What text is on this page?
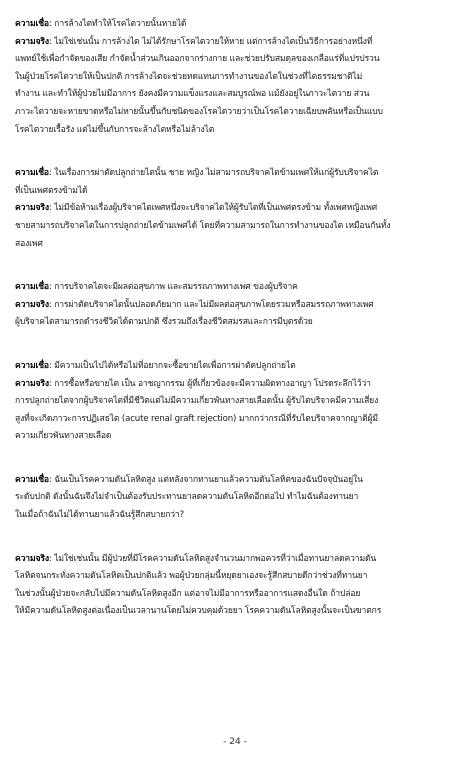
ความเชื่อ: การล้างไตทำให้โรคไตวายนั้นหายได้
ความจริง: ไม่ใช่เช่นนั้น การล้างไต ไม่ได้รักษาโรคไตวายให้หาย แต่การล้างไตเป็นวิธีการอย่างหนึ่งที่
แพทย์ใช้เพื่อกำจัดของเสีย กำจัดน้ำส่วนเกินออกจากร่างกาย และช่วยปรับสมดุลของเกลือแร่ที่แปรปรวน
ในผู้ป่วยโรคไตวายให้เป็นปกติ การล้างไตจะช่วยทดแทนการทำงานของไตในช่วงที่ไตธรรมชาติไม่
ทำงาน และทำให้ผู้ป่วยไม่มีอาการ ยังคงมีความแข็งแรงและสมบูรณ์พอ แม้ยังอยู่ในภาวะไตวาย ส่วน
ภาวะไตวายจะหายขาดหรือไม่หายนั้นขึ้นกับชนิดของโรคไตวายว่าเป็นโรคไตวายเฉียบพลันหรือเป็นแบบ
โรคไตวายเรื้อรัง แต่ไม่ขึ้นกับการจะล้างไตหรือไม่ล้างไต
ความเชื่อ: ในเรื่องการผ่าตัดปลูกถ่ายไตนั้น ชาย หญิง ไม่สามารถบริจาคไตข้ามเพศให้แก่ผู้รับบริจาคไต
ที่เป็นเพศตรงข้ามได้
ความจริง: ไม่มีข้อห้ามเรื่องผู้บริจาคไตเพศหนึ่งจะบริจาคไตให้ผู้รับไตที่เป็นเพศตรงข้าม ทั้งเพศหญิงเพศ
ชายสามารถบริจาคไตในการปลูกถ่ายไตข้ามเพศได้ โดยที่ความสามารถในการทำงานของไต เหมือนกันทั้ง
สองเพศ
ความเชื่อ: การบริจาคไตจะมีผลต่อสุขภาพ และสมรรถภาพทางเพศ ของผู้บริจาค
ความจริง: การผ่าตัดบริจาคไตนั้นปลอดภัยมาก และไม่มีผลต่อสุขภาพโดยรวมหรือสมรรถภาพทางเพศ
ผู้บริจาคไตสามารถดำรงชีวิตได้ตามปกติ ซึ่งรวมถึงเรื่องชีวิตสมรสและการมีบุตรด้วย
ความเชื่อ: มีความเป็นไปได้หรือไม่ที่อยากจะซื้อขายไตเพื่อการผ่าตัดปลูกถ่ายไต
ความจริง: การซื้อหรือขายไต เป็น อาชญากรรม ผู้ที่เกี่ยวข้องจะมีความผิดทางอาญา โปรดระลึกไว้ว่า
การปลูกถ่ายไตจากผู้บริจาคไตที่มีชีวิตแต่ไม่มีความเกี่ยวพันทางสายเลือดนั้น ผู้รับไตบริจาคมีความเสี่ยง
สูงที่จะเกิดภาวะการปฏิเสธไต (acute renal graft rejection) มากกว่ากรณีที่รับไตบริจาคจากญาติผู้มี
ความเกี่ยวพันทางสายเลือด
ความเชื่อ: ฉันเป็นโรคความดันโลหิตสูง แต่หลังจากทานยาแล้วความดันโลหิตของฉันปัจจุบันอยู่ใน
ระดับปกติ ดังนั้นฉันจึงไม่จำเป็นต้องรับประทานยาลดความดันโลหิตอีกต่อไป ทำไมฉันต้องทานยา
ในเมื่อถ้าฉันไม่ได้ทานยาแล้วฉันรู้สึกสบายกว่า?
ความจริง: ไม่ใช่เช่นนั้น มีผู้ป่วยที่มีโรคความดันโลหิตสูงจำนวนมากพอควรที่ว่าเมื่อทานยาลดความดัน
โลหิตจนกระทั่งความดันโลหิตเป็นปกติแล้ว พอผู้ป่วยกลุ่มนี้หยุดยาเองจะรู้สึกสบายดีกว่าช่วงที่ทานยา
ในช่วงนั้นผู้ป่วยจะกลับไปมีความดันโลหิตสูงอีก แต่อาจไม่มีอาการหรืออาการแสดงอื่นใด ถ้าปล่อย
ให้มีความดันโลหิตสูงต่อเนื่องเป็นเวลานานโดยไม่ควบคุมด้วยยา โรคความดันโลหิตสูงนั้นจะเป็นฆาตกร
- 24 -
